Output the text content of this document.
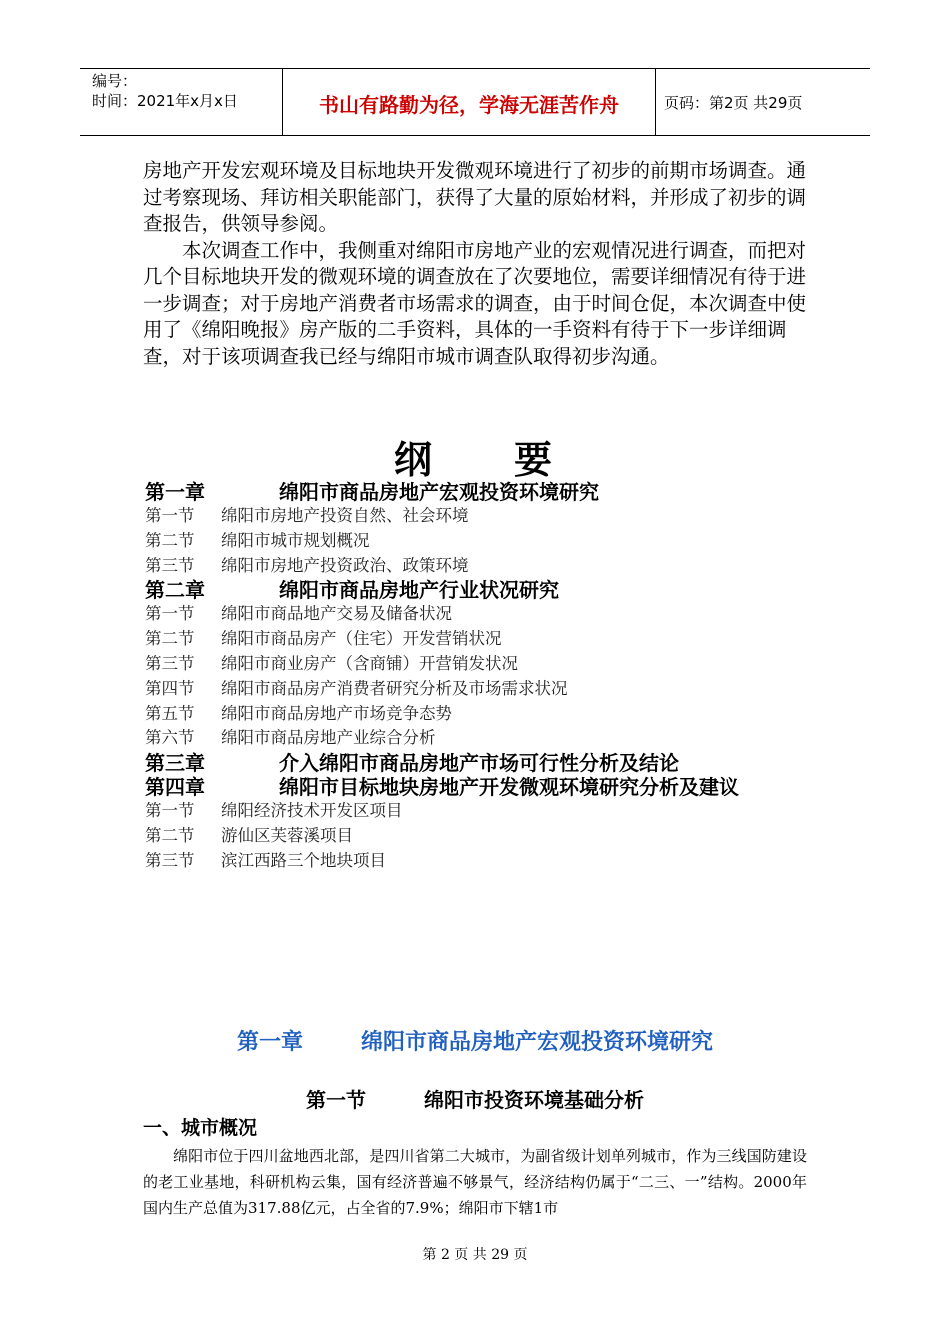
编号：
时间：2021年x月x日	书山有路勤为径，学海无涯苦作舟	页码：第2页 共29页

房地产开发宏观环境及目标地块开发微观环境进行了初步的前期市场调查。通过考察现场、拜访相关职能部门，获得了大量的原始材料，并形成了初步的调查报告，供领导参阅。

本次调查工作中，我侧重对绵阳市房地产业的宏观情况进行调查，而把对几个目标地块开发的微观环境的调查放在了次要地位，需要详细情况有待于进一步调查；对于房地产消费者市场需求的调查，由于时间仓促，本次调查中使用了《绵阳晚报》房产版的二手资料，具体的一手资料有待于下一步详细调查，对于该项调查我已经与绵阳市城市调查队取得初步沟通。

纲 要
第一章	绵阳市商品房地产宏观投资环境研究
第一节 绵阳市房地产投资自然、社会环境
第二节 绵阳市城市规划概况
第三节 绵阳市房地产投资政治、政策环境
第二章	绵阳市商品房地产行业状况研究
第一节 绵阳市商品地产交易及储备状况
第二节 绵阳市商品房产（住宅）开发营销状况
第三节 绵阳市商业房产（含商铺）开营销发状况
第四节 绵阳市商品房产消费者研究分析及市场需求状况
第五节 绵阳市商品房地产市场竞争态势
第六节 绵阳市商品房地产业综合分析
第三章	介入绵阳市商品房地产市场可行性分析及结论
第四章	绵阳市目标地块房地产开发微观环境研究分析及建议
第一节 绵阳经济技术开发区项目
第二节 游仙区芙蓉溪项目
第三节 滨江西路三个地块项目
第一章	绵阳市商品房地产宏观投资环境研究
第一节	绵阳市投资环境基础分析
一、城市概况
绵阳市位于四川盆地西北部，是四川省第二大城市，为副省级计划单列城市，作为三线国防建设的老工业基地，科研机构云集，国有经济普遍不够景气，经济结构仍属于“二三、一”结构。2000年国内生产总值为317.88亿元，占全省的7.9%；绵阳市下辖1市
第 2 页 共 29 页
